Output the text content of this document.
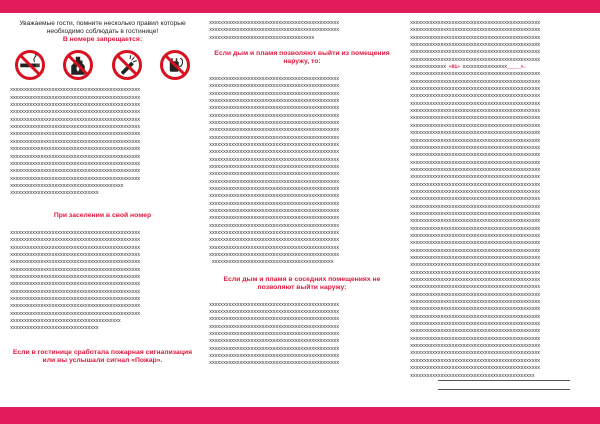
Уважаемые гости, помните несколько правил которые необходимо соблюдать в гостинице!
В номере запрещается:
xxxxxxxxxxxxxxxxxxxxxxxxxxxxxxxxxxxxxxxxxxxxxxx
xxxxxxxxxxxxxxxxxxxxxxxxxxxxxxxxxxxxxxxxxxxxxxx
xxxxxxxxxxxxxxxxxxxxxxxxxxxxxxxxxxxxxxxxxxxxxxx
xxxxxxxxxxxxxxxxxxxxxxxxxxxxxxxxxxxxxxxxxxxxxxx
xxxxxxxxxxxxxxxxxxxxxxxxxxxxxxxxxxxxxxxxxxxxxxx
xxxxxxxxxxxxxxxxxxxxxxxxxxxxxxxxxxxxxxxxxxxxxxx
xxxxxxxxxxxxxxxxxxxxxxxxxxxxxxxxxxxxxxxxxxxxxxx
xxxxxxxxxxxxxxxxxxxxxxxxxxxxxxxxxxxxxxxxxxxxxxx
xxxxxxxxxxxxxxxxxxxxxxxxxxxxxxxxxxxxxxxxxxxxxxx
xxxxxxxxxxxxxxxxxxxxxxxxxxxxxxxxxxxxxxxxxxxxxxx
xxxxxxxxxxxxxxxxxxxxxxxxxxxxxxxxxxxxxxxxxxxxxxx
xxxxxxxxxxxxxxxxxxxxxxxxxxxxxxxxxxxxxxxxxxxxxxx
xxxxxxxxxxxxxxxxxxxxxxxxxxxxxxxxxxxxxxxxxxxxxxx
xxxxxxxxxxxxxxxxxxxxxxxxxxxxxxxxxxxxxxxxx
xxxxxxxxxxxxxxxxxxxxxxxxxxxxxxxx
При заселении в свой номер
xxxxxxxxxxxxxxxxxxxxxxxxxxxxxxxxxxxxxxxxxxxxxxx
xxxxxxxxxxxxxxxxxxxxxxxxxxxxxxxxxxxxxxxxxxxxxxx
xxxxxxxxxxxxxxxxxxxxxxxxxxxxxxxxxxxxxxxxxxxxxxx
xxxxxxxxxxxxxxxxxxxxxxxxxxxxxxxxxxxxxxxxxxxxxxx
xxxxxxxxxxxxxxxxxxxxxxxxxxxxxxxxxxxxxxxxxxxxxxx
xxxxxxxxxxxxxxxxxxxxxxxxxxxxxxxxxxxxxxxxxxxxxxx
xxxxxxxxxxxxxxxxxxxxxxxxxxxxxxxxxxxxxxxxxxxxxxx
xxxxxxxxxxxxxxxxxxxxxxxxxxxxxxxxxxxxxxxxxxxxxxx
xxxxxxxxxxxxxxxxxxxxxxxxxxxxxxxxxxxxxxxxxxxxxxx
xxxxxxxxxxxxxxxxxxxxxxxxxxxxxxxxxxxxxxxxxxxxxxx
xxxxxxxxxxxxxxxxxxxxxxxxxxxxxxxxxxxxxxxxxxxxxxx
xxxxxxxxxxxxxxxxxxxxxxxxxxxxxxxxxxxxxxxxxxxxxxx
xxxxxxxxxxxxxxxxxxxxxxxxxxxxxxxxxxxxxxxx
xxxxxxxxxxxxxxxxxxxxxxxxxxxxxxxx
Если в гостинице сработала пожарная сигнализация или вы услышали сигнал «Пожар».
xxxxxxxxxxxxxxxxxxxxxxxxxxxxxxxxxxxxxxxxxxxxxxx
xxxxxxxxxxxxxxxxxxxxxxxxxxxxxxxxxxxxxxxxxxxxxxx
xxxxxxxxxxxxxxxxxxxxxxxxxxxxxxxxxxxxxx
Если дым и пламя позволяют выйти из помещения наружу, то:
xxxxxxxxxxxxxxxxxxxxxxxxxxxxxxxxxxxxxxxxxxxxxxx
xxxxxxxxxxxxxxxxxxxxxxxxxxxxxxxxxxxxxxxxxxxxxxx
xxxxxxxxxxxxxxxxxxxxxxxxxxxxxxxxxxxxxxxxxxxxxxx
xxxxxxxxxxxxxxxxxxxxxxxxxxxxxxxxxxxxxxxxxxxxxxx
xxxxxxxxxxxxxxxxxxxxxxxxxxxxxxxxxxxxxxxxxxxxxxx
xxxxxxxxxxxxxxxxxxxxxxxxxxxxxxxxxxxxxxxxxxxxxxx
xxxxxxxxxxxxxxxxxxxxxxxxxxxxxxxxxxxxxxxxxxxxxxx
xxxxxxxxxxxxxxxxxxxxxxxxxxxxxxxxxxxxxxxxxxxxxxx
xxxxxxxxxxxxxxxxxxxxxxxxxxxxxxxxxxxxxxxxxxxxxxx
xxxxxxxxxxxxxxxxxxxxxxxxxxxxxxxxxxxxxxxxxxxxxxx
xxxxxxxxxxxxxxxxxxxxxxxxxxxxxxxxxxxxxxxxxxxxxxx
xxxxxxxxxxxxxxxxxxxxxxxxxxxxxxxxxxxxxxxxxxxxxxx
xxxxxxxxxxxxxxxxxxxxxxxxxxxxxxxxxxxxxxxxxxxxxxx
xxxxxxxxxxxxxxxxxxxxxxxxxxxxxxxxxxxxxxxxxxxxxxx
xxxxxxxxxxxxxxxxxxxxxxxxxxxxxxxxxxxxxxxxxxxxxxx
xxxxxxxxxxxxxxxxxxxxxxxxxxxxxxxxxxxxxxxxxxxxxxx
xxxxxxxxxxxxxxxxxxxxxxxxxxxxxxxxxxxxxxxxxxxxxxx
xxxxxxxxxxxxxxxxxxxxxxxxxxxxxxxxxxxxxxxxxxxxxxx
xxxxxxxxxxxxxxxxxxxxxxxxxxxxxxxxxxxxxxxxxxxxxxx
xxxxxxxxxxxxxxxxxxxxxxxxxxxxxxxxxxxxxxxxxxxxxxx
xxxxxxxxxxxxxxxxxxxxxxxxxxxxxxxxxxxxxxxxxxxxxxx
xxxxxxxxxxxxxxxxxxxxxxxxxxxxxxxxxxxxxxxxxxxxxxx
xxxxxxxxxxxxxxxxxxxxxxxxxxxxxxxxxxxxxxxxxxxxxxx
xxxxxxxxxxxxxxxxxxxxxxxxxxxxxxxxxxxxxxxxxxxxxxx
xxxxxxxxxxxxxxxxxxxxxxxxxxxxxxxxxxxxxxxxxxxxxxx
xxxxxxxxxxxxxxxxxxxxxxxxxxxxxxxxxxxxxxxxxxxx
Если дым и пламя в соседних помещениях не позволяют выйти наружу:
xxxxxxxxxxxxxxxxxxxxxxxxxxxxxxxxxxxxxxxxxxxxxxx
xxxxxxxxxxxxxxxxxxxxxxxxxxxxxxxxxxxxxxxxxxxxxxx
xxxxxxxxxxxxxxxxxxxxxxxxxxxxxxxxxxxxxxxxxxxxxxx
xxxxxxxxxxxxxxxxxxxxxxxxxxxxxxxxxxxxxxxxxxxxxxx
xxxxxxxxxxxxxxxxxxxxxxxxxxxxxxxxxxxxxxxxxxxxxxx
xxxxxxxxxxxxxxxxxxxxxxxxxxxxxxxxxxxxxxxxxxxxxxx
xxxxxxxxxxxxxxxxxxxxxxxxxxxxxxxxxxxxxxxxxxxxxxx
xxxxxxxxxxxxxxxxxxxxxxxxxxxxxxxxxxxxxxxxxxxxxxx
xxxxxxxxxxxxxxxxxxxxxxxxxxxxxxxxxxxxxxxxxxxxxxx
xxxxxxxxxxxxxxxxxxxxxxxxxxxxxxxxxxxxxxxxxxxxxxx
xxxxxxxxxxxxxxxxxxxxxxxxxxxxxxxxxxxxxxxxxxxxxxx
xxxxxxxxxxxxxxxxxxxxxxxxxxxxxxxxxxxxxxxxxxxxxxx
xxxxxxxxxxxxxxxxxxxxxxxxxxxxxxxxxxxxxxxxxxxxxxx
xxxxxxxxxxxxxxxxxxxxxxxxxxxxxxxxxxxxxxxxxxxxxxx
xxxxxxxxxxxxxxxxxxxxxxxxxxxxxxxxxxxxxxxxxxxxxxx
xxxxxxxxxxxxx «01» xxxxxxxxxxxxxxxx_____».
xxxxxxxxxxxxxxxxxxxxxxxxxxxxxxxxxxxxxxxxxxxxxxx
xxxxxxxxxxxxxxxxxxxxxxxxxxxxxxxxxxxxxxxxxxxxxxx
xxxxxxxxxxxxxxxxxxxxxxxxxxxxxxxxxxxxxxxxxxxxxxx
xxxxxxxxxxxxxxxxxxxxxxxxxxxxxxxxxxxxxxxxxxxxxxx
xxxxxxxxxxxxxxxxxxxxxxxxxxxxxxxxxxxxxxxxxxxxxxx
xxxxxxxxxxxxxxxxxxxxxxxxxxxxxxxxxxxxxxxxxxxxxxx
xxxxxxxxxxxxxxxxxxxxxxxxxxxxxxxxxxxxxxxxxxxxxxx
xxxxxxxxxxxxxxxxxxxxxxxxxxxxxxxxxxxxxxxxxxxxxxx
xxxxxxxxxxxxxxxxxxxxxxxxxxxxxxxxxxxxxxxxxxxxxxx
xxxxxxxxxxxxxxxxxxxxxxxxxxxxxxxxxxxxxxxxxxxxxxx
xxxxxxxxxxxxxxxxxxxxxxxxxxxxxxxxxxxxxxxxxxxxxxx
xxxxxxxxxxxxxxxxxxxxxxxxxxxxxxxxxxxxxxxxxxxxxxx
xxxxxxxxxxxxxxxxxxxxxxxxxxxxxxxxxxxxxxxxxxxxxxx
xxxxxxxxxxxxxxxxxxxxxxxxxxxxxxxxxxxxxxxxxxxxxxx
xxxxxxxxxxxxxxxxxxxxxxxxxxxxxxxxxxxxxxxxxxxxxxx
xxxxxxxxxxxxxxxxxxxxxxxxxxxxxxxxxxxxxxxxxxxxxxx
xxxxxxxxxxxxxxxxxxxxxxxxxxxxxxxxxxxxxxxxxxxxxxx
xxxxxxxxxxxxxxxxxxxxxxxxxxxxxxxxxxxxxxxxxxxxxxx
xxxxxxxxxxxxxxxxxxxxxxxxxxxxxxxxxxxxxxxxxxxxxxx
xxxxxxxxxxxxxxxxxxxxxxxxxxxxxxxxxxxxxxxxxxxxxxx
xxxxxxxxxxxxxxxxxxxxxxxxxxxxxxxxxxxxxxxxxxxxxxx
xxxxxxxxxxxxxxxxxxxxxxxxxxxxxxxxxxxxxxxxxxxxxxx
xxxxxxxxxxxxxxxxxxxxxxxxxxxxxxxxxxxxxxxxxxxxxxx
xxxxxxxxxxxxxxxxxxxxxxxxxxxxxxxxxxxxxxxxxxxxxxx
xxxxxxxxxxxxxxxxxxxxxxxxxxxxxxxxxxxxxxxxxxxxxxx
xxxxxxxxxxxxxxxxxxxxxxxxxxxxxxxxxxxxxxxxxxxxxxx
xxxxxxxxxxxxxxxxxxxxxxxxxxxxxxxxxxxxxxxxxxxxxxx
xxxxxxxxxxxxxxxxxxxxxxxxxxxxxxxxxxxxxxxxxxxxxxx
xxxxxxxxxxxxxxxxxxxxxxxxxxxxxxxxxxxxxxxxxxxxxxx
xxxxxxxxxxxxxxxxxxxxxxxxxxxxxxxxxxxxxxxxxxxxxxx
xxxxxxxxxxxxxxxxxxxxxxxxxxxxxxxxxxxxxxxxxxxxxxx
xxxxxxxxxxxxxxxxxxxxxxxxxxxxxxxxxxxxxxxxxxxxxxx
xxxxxxxxxxxxxxxxxxxxxxxxxxxxxxxxxxxxxxxxxxxxxxx
xxxxxxxxxxxxxxxxxxxxxxxxxxxxxxxxxxxxxxxxxxxxxxx
xxxxxxxxxxxxxxxxxxxxxxxxxxxxxxxxxxxxxxxxxxxxxxx
xxxxxxxxxxxxxxxxxxxxxxxxxxxxxxxxxxxxxxxxxxxxxxx
xxxxxxxxxxxxxxxxxxxxxxxxxxxxxxxxxxxxxxxxxxxxxxx
xxxxxxxxxxxxxxxxxxxxxxxxxxxxxxxxxxxxxxxxxxxxxxx
xxxxxxxxxxxxxxxxxxxxxxxxxxxxxxxxxxxxxxxxxxxxxxx
xxxxxxxxxxxxxxxxxxxxxxxxxxxxxxxxxxxxxxxxxxxxxxx
xxxxxxxxxxxxxxxxxxxxxxxxxxxxxxxxxxxxxxxxxxxxxxx
xxxxxxxxxxxxxxxxxxxxxxxxxxxxxxxxxxxxxxxxxxxxx
